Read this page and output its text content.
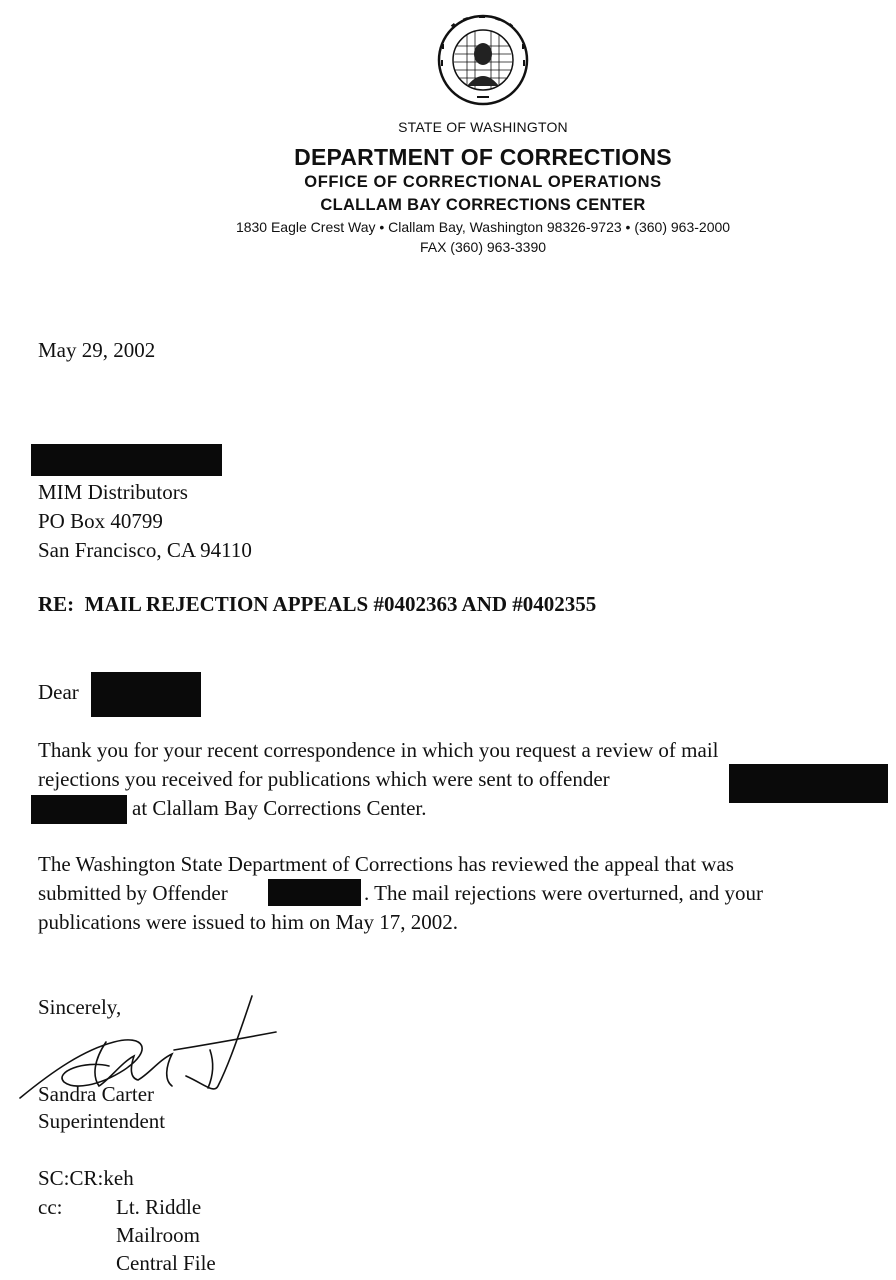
STATE OF WASHINGTON
DEPARTMENT OF CORRECTIONS
OFFICE OF CORRECTIONAL OPERATIONS
CLALLAM BAY CORRECTIONS CENTER
1830 Eagle Crest Way • Clallam Bay, Washington 98326-9723 • (360) 963-2000
FAX (360) 963-3390
May 29, 2002
MIM Distributors
PO Box 40799
San Francisco, CA 94110
RE:  MAIL REJECTION APPEALS #0402363 AND #0402355
Dear
Thank you for your recent correspondence in which you request a review of mail
rejections you received for publications which were sent to offender
at Clallam Bay Corrections Center.
The Washington State Department of Corrections has reviewed the appeal that was
submitted by Offender	. The mail rejections were overturned, and your
publications were issued to him on May 17, 2002.
Sincerely,
Sandra Carter
Superintendent
SC:CR:keh
cc:	Lt. Riddle
Mailroom
Central File
